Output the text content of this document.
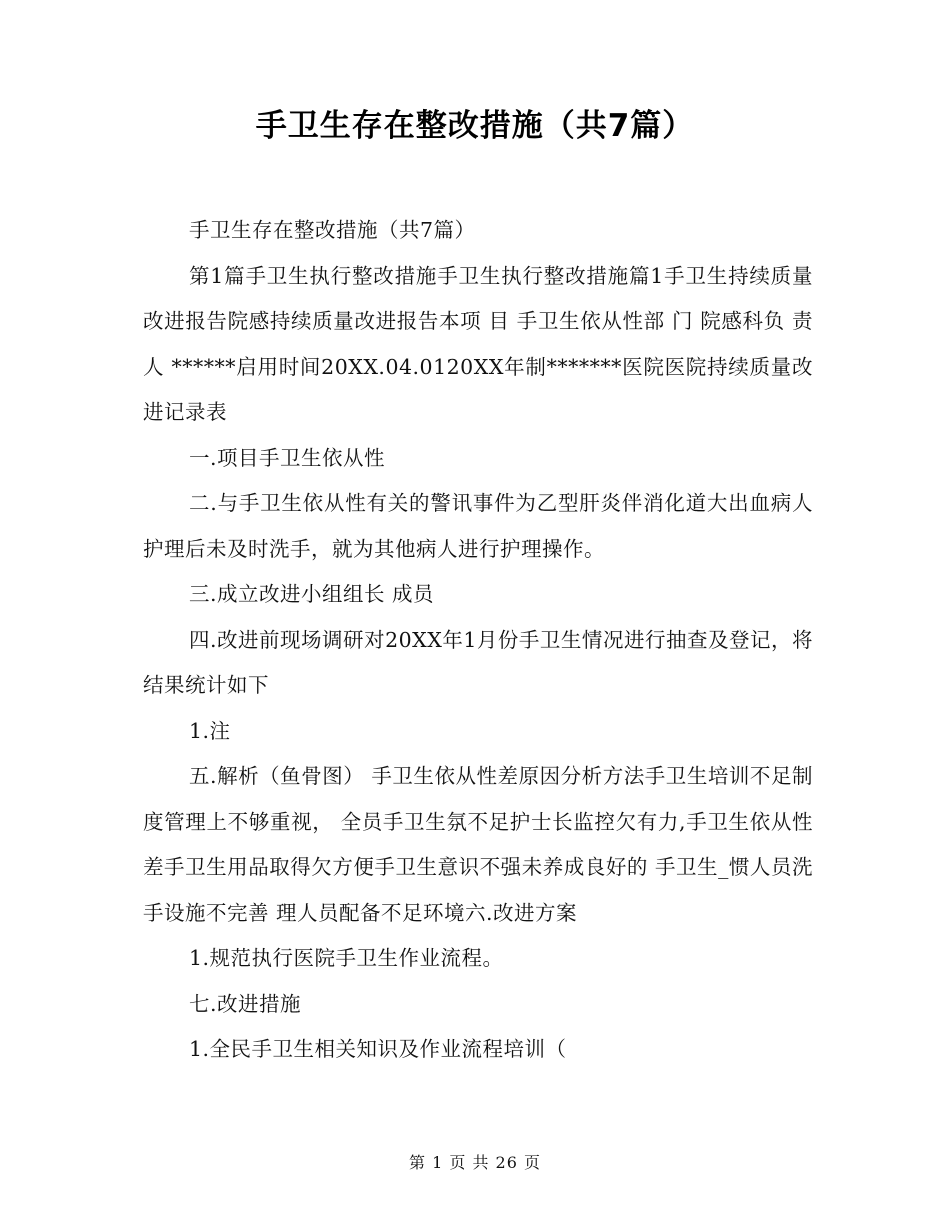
手卫生存在整改措施（共7篇）

手卫生存在整改措施（共7篇）

第1篇手卫生执行整改措施手卫生执行整改措施篇1手卫生持续质量改进报告院感持续质量改进报告本项 目 手卫生依从性部 门 院感科负 责 人 ******启用时间20XX.04.0120XX年制*******医院医院持续质量改进记录表

一.项目手卫生依从性

二.与手卫生依从性有关的警讯事件为乙型肝炎伴消化道大出血病人护理后未及时洗手，就为其他病人进行护理操作。

三.成立改进小组组长 成员

四.改进前现场调研对20XX年1月份手卫生情况进行抽查及登记，将结果统计如下

1.注

五.解析（鱼骨图） 手卫生依从性差原因分析方法手卫生培训不足制度管理上不够重视， 全员手卫生氛不足护士长监控欠有力,手卫生依从性差手卫生用品取得欠方便手卫生意识不强未养成良好的 手卫生_惯人员洗手设施不完善 理人员配备不足环境六.改进方案

1.规范执行医院手卫生作业流程。

七.改进措施

1.全民手卫生相关知识及作业流程培训（

第 1 页 共 26 页
